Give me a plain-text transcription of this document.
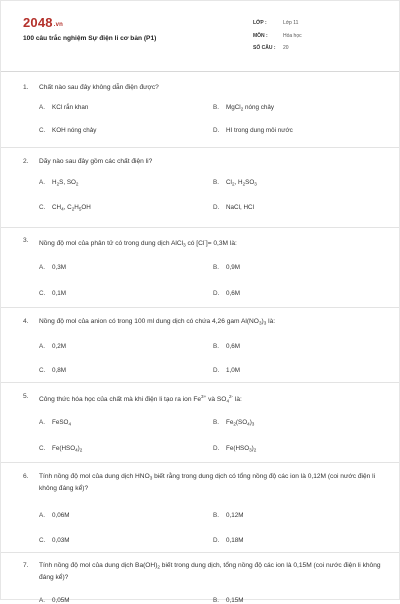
2048.vn
100 câu trắc nghiệm Sự điện li cơ bản (P1)
LỚP :	Lớp 11
MÔN :	Hóa học
SỐ CÂU :	20
1. Chất nào sau đây không dẫn điện được?
A. KCl rắn khan	B. MgCl$_2$ nóng chảy
C. KOH nóng chảy	D. HI trong dung môi nước
2. Dãy nào sau đây gồm các chất điện li?
A. $H_2S$, $SO_2$	B. $Cl_2$, $H_2SO_3$
C. $CH_4$, $C_2H_5OH$	D. NaCl, HCl
3. Nồng độ mol của phân tử có trong dung dịch AlCl$_3$ có [Cl-]= 0,3M là:
A. 0,3M	B. 0,9M
C. 0,1M	D. 0,6M
4. Nồng độ mol của anion có trong 100 ml dung dịch có chứa 4,26 gam $Al(NO_3)_3$ là:
A. 0,2M	B. 0,6M
C. 0,8M	D. 1,0M
5. Công thức hóa học của chất mà khi điện li tạo ra ion $Fe^{3+}$ và $SO_4^{2-}$ là:
A. FeSO$_4$	B. $Fe_2(SO_4)_3$
C. $Fe(HSO_4)_2$	D. $Fe(HSO_3)_2$
6. Tính nồng độ mol của dung dịch $HNO_3$ biết rằng trong dung dịch có tổng nồng độ các ion là 0,12M (coi nước điện li không đáng kể)?
A. 0,06M	B. 0,12M
C. 0,03M	D. 0,18M
7. Tính nồng độ mol của dung dịch $Ba(OH)_2$ biết trong dung dịch, tổng nồng độ các ion là 0,15M (coi nước điện li không đáng kể)?
A. 0,05M	B. 0,15M
